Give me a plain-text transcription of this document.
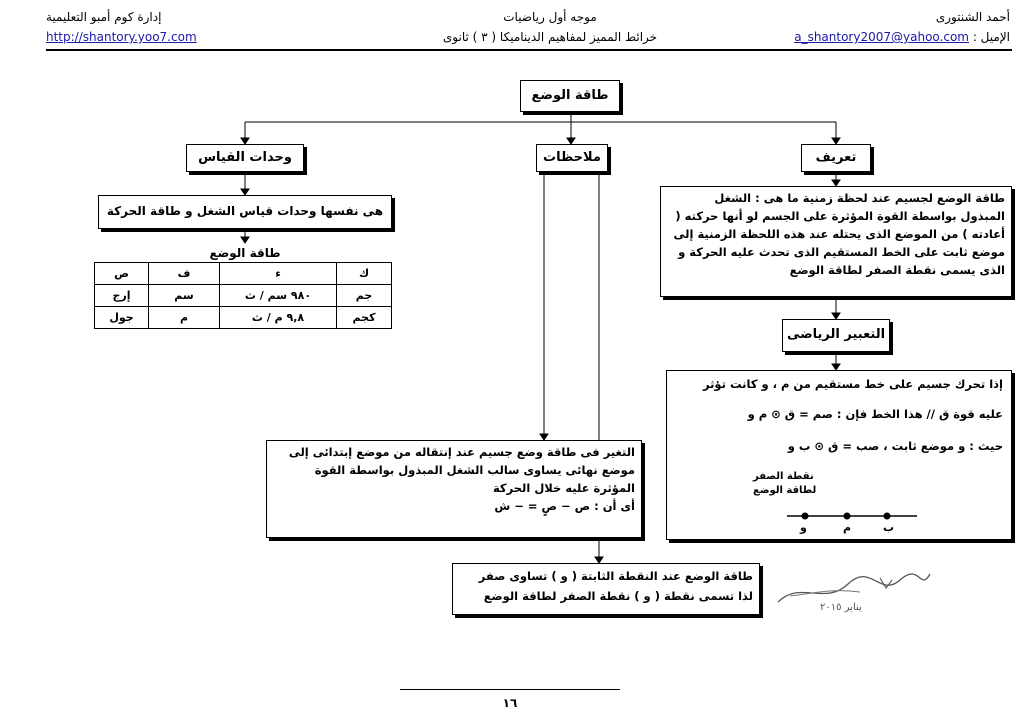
أحمد الشنتورى
الإميل : a_shantory2007@yahoo.com
موجه أول رياضيات
خرائط المميز لمفاهيم الديناميكا ( ٣ ) ثانوى
إدارة كوم أمبو التعليمية
http://shantory.yoo7.com
طاقة الوضع
تعريف
طاقة الوضع لجسيم عند لحظة زمنية ما هى : الشغل المبذول بواسطة القوة المؤثرة على الجسم لو أنها حركته ( أعادته ) من الموضع الذى يحتله عند هذه اللحظة الزمنية إلى موضع ثابت على الخط المستقيم الذى تحدث عليه الحركة و الذى يسمى نقطة الصفر لطاقة الوضع
ملاحظات
وحدات القياس
هى نفسها وحدات قياس الشغل و طاقة الحركة
طاقة الوضع
ك	ء	ف	ص
جم	٩٨٠ سم / ث	سم	إرج
كجم	٩,٨ م / ث	م	جول
التعبير الرياضى
إذا تحرك جسيم على خط مستقيم من م ، و كانت تؤثر
عليه قوة ق // هذا الخط فإن : صم = ق ⊙ م و
حيث : و موضع ثابت ، صب = ق ⊙ ب و
نقطة الصفر
لطاقة الوضع
و	م	ب
التغير فى طاقة وضع جسيم عند إنتقاله من موضع إبتدائى إلى موضع نهائى يساوى سالب الشغل المبذول بواسطة القوة المؤثرة عليه خلال الحركة
أى أن : ص − صٍ = − ش
طاقة الوضع عند النقطة الثابتة ( و ) تساوى صفر
لذا تسمى نقطة ( و ) نقطة الصفر لطاقة الوضع
يناير ٢٠١٥
١٦
